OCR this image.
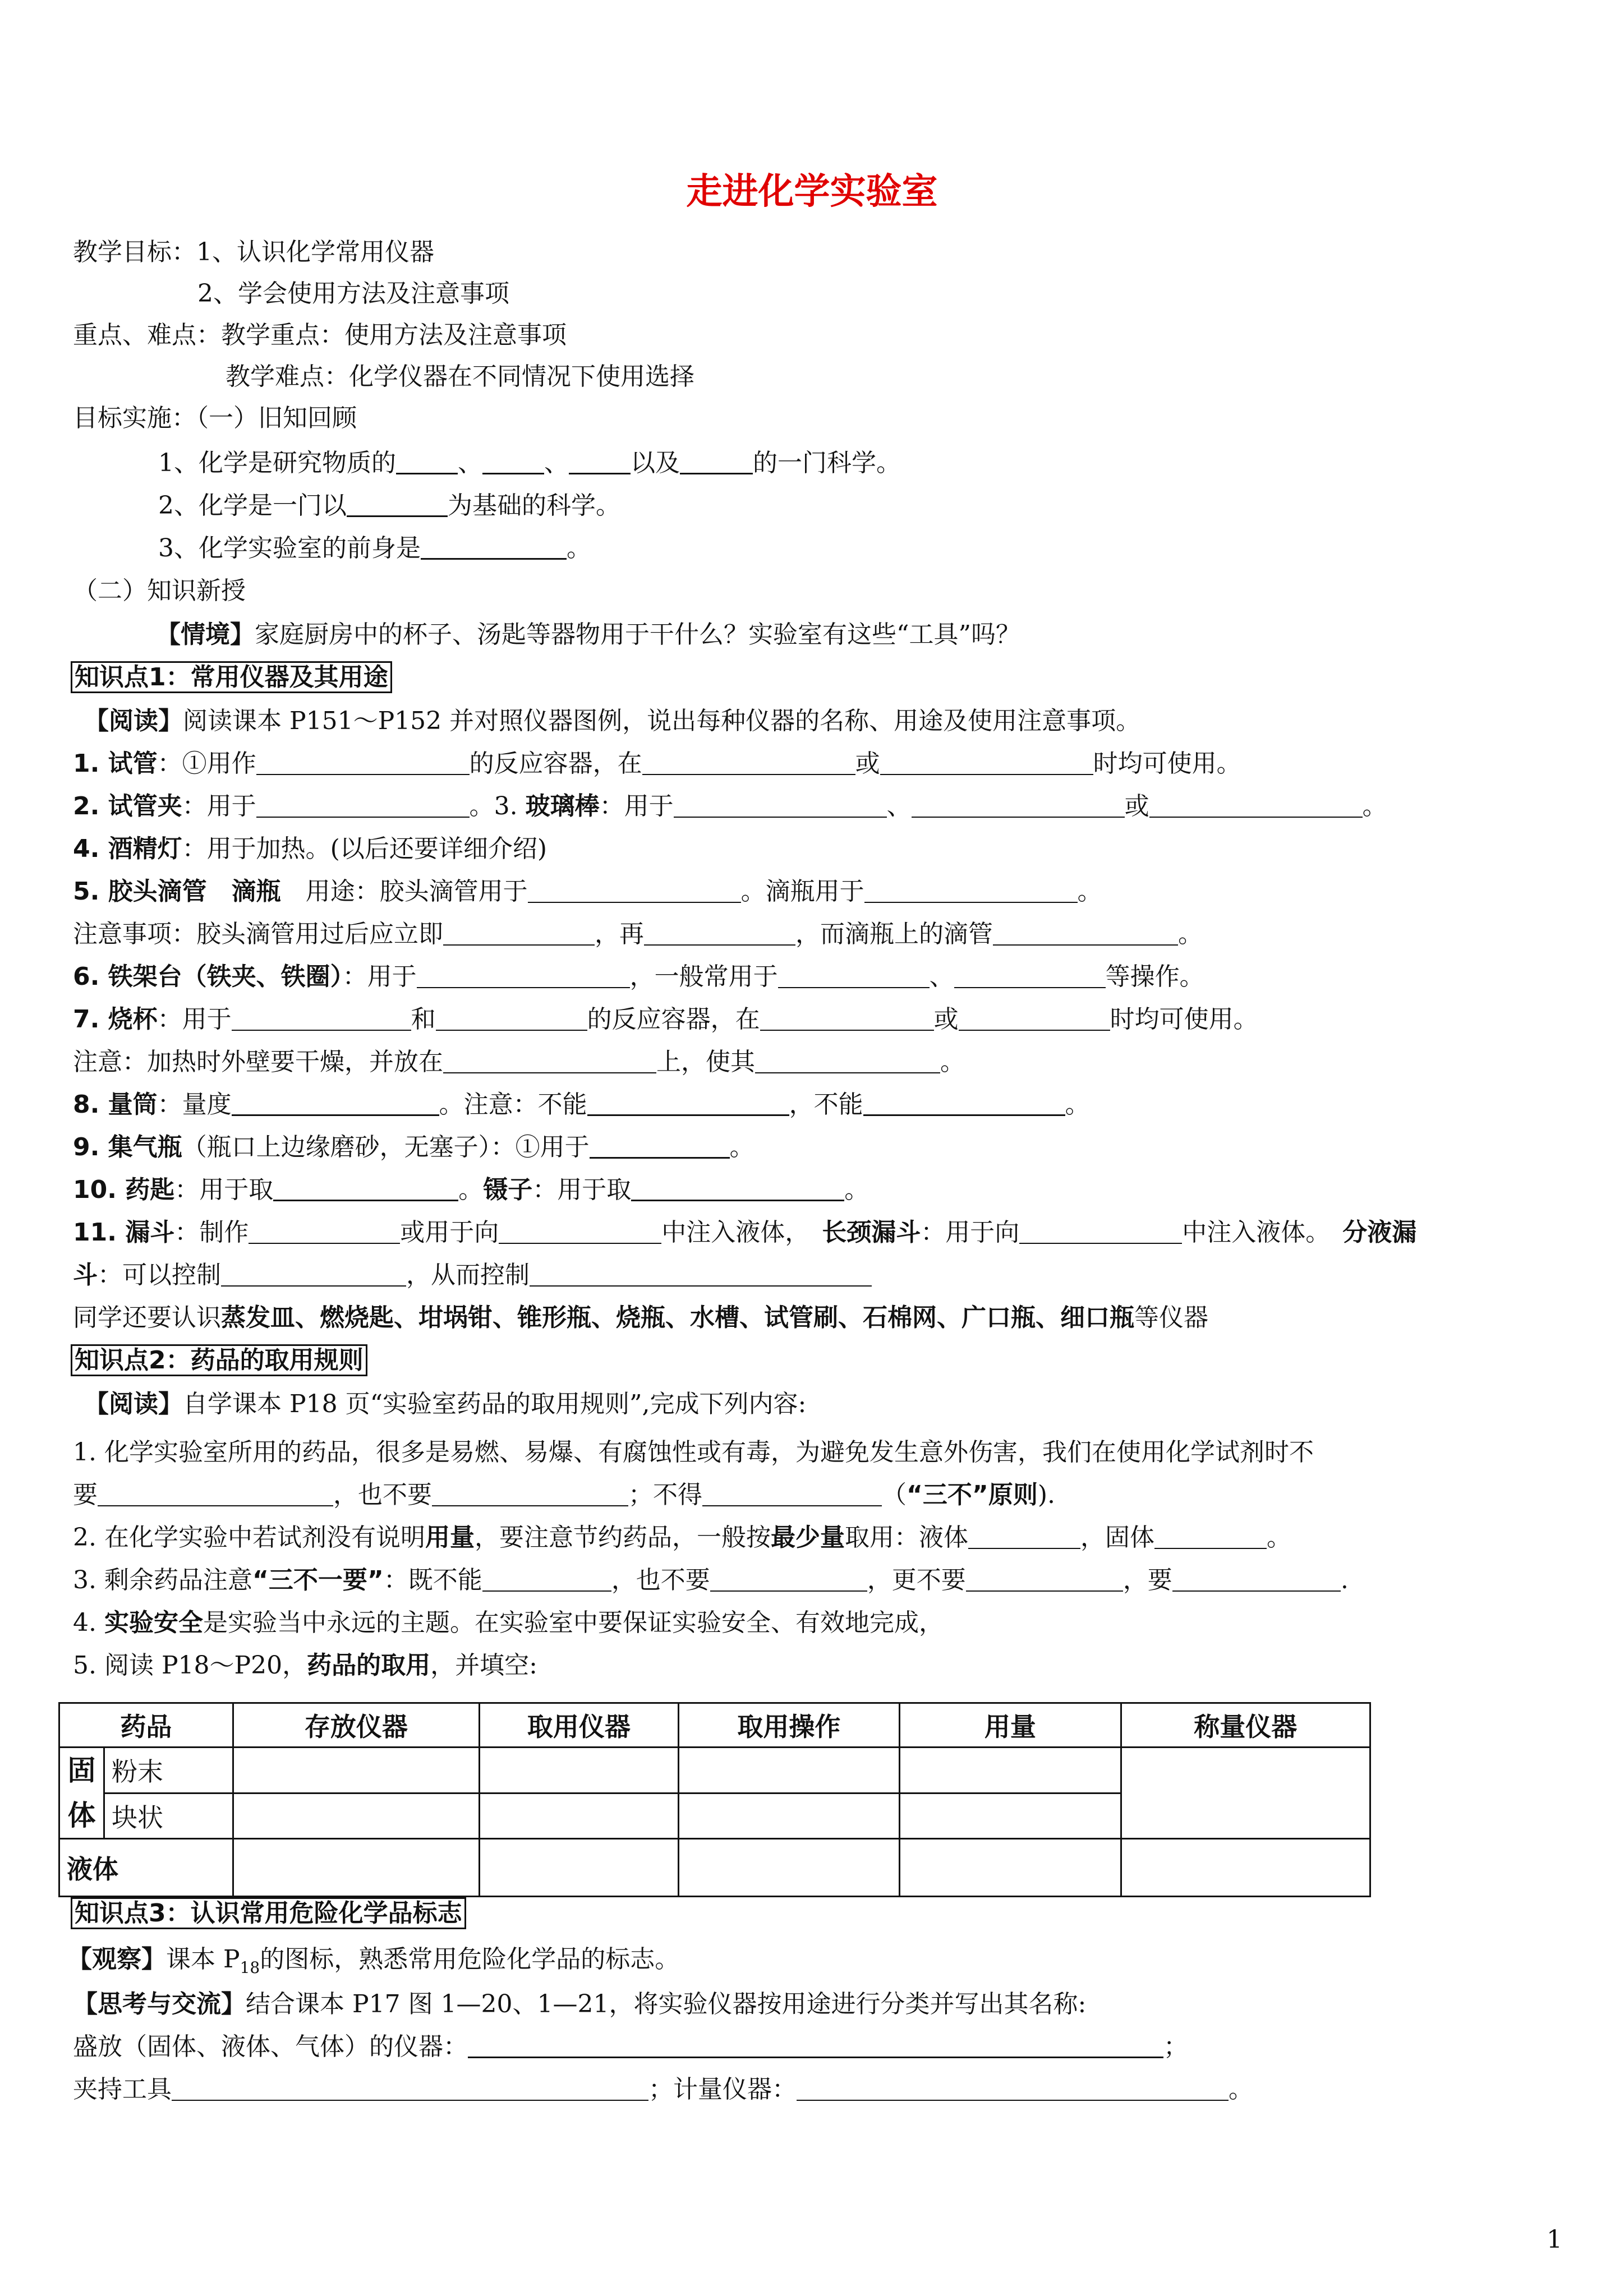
走进化学实验室
教学目标：1、认识化学常用仪器
2、学会使用方法及注意事项
重点、难点：教学重点：使用方法及注意事项
教学难点：化学仪器在不同情况下使用选择
目标实施：（一）旧知回顾
1、化学是研究物质的	、	、	以及	的一门科学。
2、化学是一门以	为基础的科学。
3、化学实验室的前身是	。
（二）知识新授
【情境】家庭厨房中的杯子、汤匙等器物用于干什么？实验室有这些“工具”吗？
知识点1：常用仪器及其用途
【阅读】阅读课本 P151～P152 并对照仪器图例，说出每种仪器的名称、用途及使用注意事项。
1. 试管：①用作	的反应容器，在	或	时均可使用。
2. 试管夹：用于	。3. 玻璃棒：用于	、	或	。
4. 酒精灯：用于加热。(以后还要详细介绍)
5. 胶头滴管　滴瓶　用途：胶头滴管用于	。滴瓶用于	。
注意事项：胶头滴管用过后应立即	，再	，而滴瓶上的滴管	。
6. 铁架台（铁夹、铁圈）：用于	，一般常用于	、	等操作。
7. 烧杯：用于	和	的反应容器，在	或	时均可使用。
注意：加热时外壁要干燥，并放在	上，使其	。
8. 量筒：量度	。注意：不能	，不能	。
9. 集气瓶（瓶口上边缘磨砂，无塞子）：①用于	。
10. 药匙：用于取	。镊子：用于取	。
11. 漏斗：制作	或用于向	中注入液体，　长颈漏斗：用于向	中注入液体。　分液漏
斗：可以控制	，从而控制
同学还要认识蒸发皿、燃烧匙、坩埚钳、锥形瓶、烧瓶、水槽、试管刷、石棉网、广口瓶、细口瓶等仪器
知识点2：药品的取用规则
【阅读】自学课本 P18 页“实验室药品的取用规则”,完成下列内容:
1. 化学实验室所用的药品，很多是易燃、易爆、有腐蚀性或有毒，为避免发生意外伤害，我们在使用化学试剂时不
要	，也不要	；不得	（“三不”原则).
2. 在化学实验中若试剂没有说明用量，要注意节约药品，一般按最少量取用：液体	，固体	。
3. 剩余药品注意“三不一要”：既不能	，也不要	，更不要	，要	.
4. 实验安全是实验当中永远的主题。在实验室中要保证实验安全、有效地完成，
5. 阅读 P18～P20，药品的取用，并填空:
药品		存放仪器	取用仪器	取用操作	用量	称量仪器
固体	粉末					
	块状					
液体						
知识点3：认识常用危险化学品标志
【观察】课本 $P_{18}$的图标，熟悉常用危险化学品的标志。
【思考与交流】结合课本 P17 图 1—20、1—21，将实验仪器按用途进行分类并写出其名称:
盛放（固体、液体、气体）的仪器：	；
夹持工具	；计量仪器：	。
1
